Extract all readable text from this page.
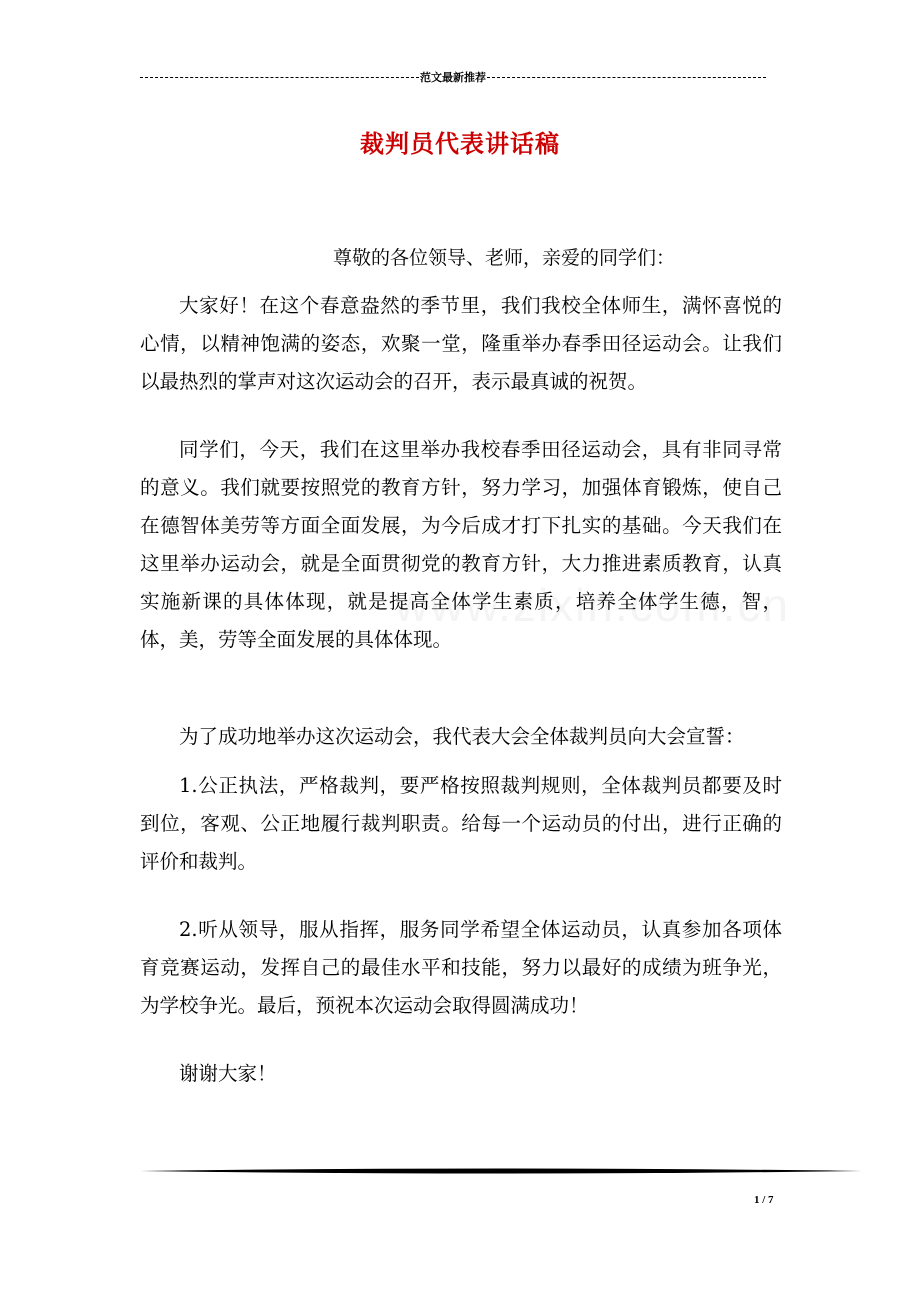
范文最新推荐
裁判员代表讲话稿
尊敬的各位领导、老师，亲爱的同学们：
大家好！在这个春意盎然的季节里，我们我校全体师生，满怀喜悦的心情，以精神饱满的姿态，欢聚一堂，隆重举办春季田径运动会。让我们以最热烈的掌声对这次运动会的召开，表示最真诚的祝贺。
同学们，今天，我们在这里举办我校春季田径运动会，具有非同寻常的意义。我们就要按照党的教育方针，努力学习，加强体育锻炼，使自己在德智体美劳等方面全面发展，为今后成才打下扎实的基础。今天我们在这里举办运动会，就是全面贯彻党的教育方针，大力推进素质教育，认真实施新课的具体体现，就是提高全体学生素质，培养全体学生德，智，体，美，劳等全面发展的具体体现。
为了成功地举办这次运动会，我代表大会全体裁判员向大会宣誓：
1.公正执法，严格裁判，要严格按照裁判规则，全体裁判员都要及时到位，客观、公正地履行裁判职责。给每一个运动员的付出，进行正确的评价和裁判。
2.听从领导，服从指挥，服务同学希望全体运动员，认真参加各项体育竞赛运动，发挥自己的最佳水平和技能，努力以最好的成绩为班争光，为学校争光。最后，预祝本次运动会取得圆满成功！
谢谢大家！
1 / 7
